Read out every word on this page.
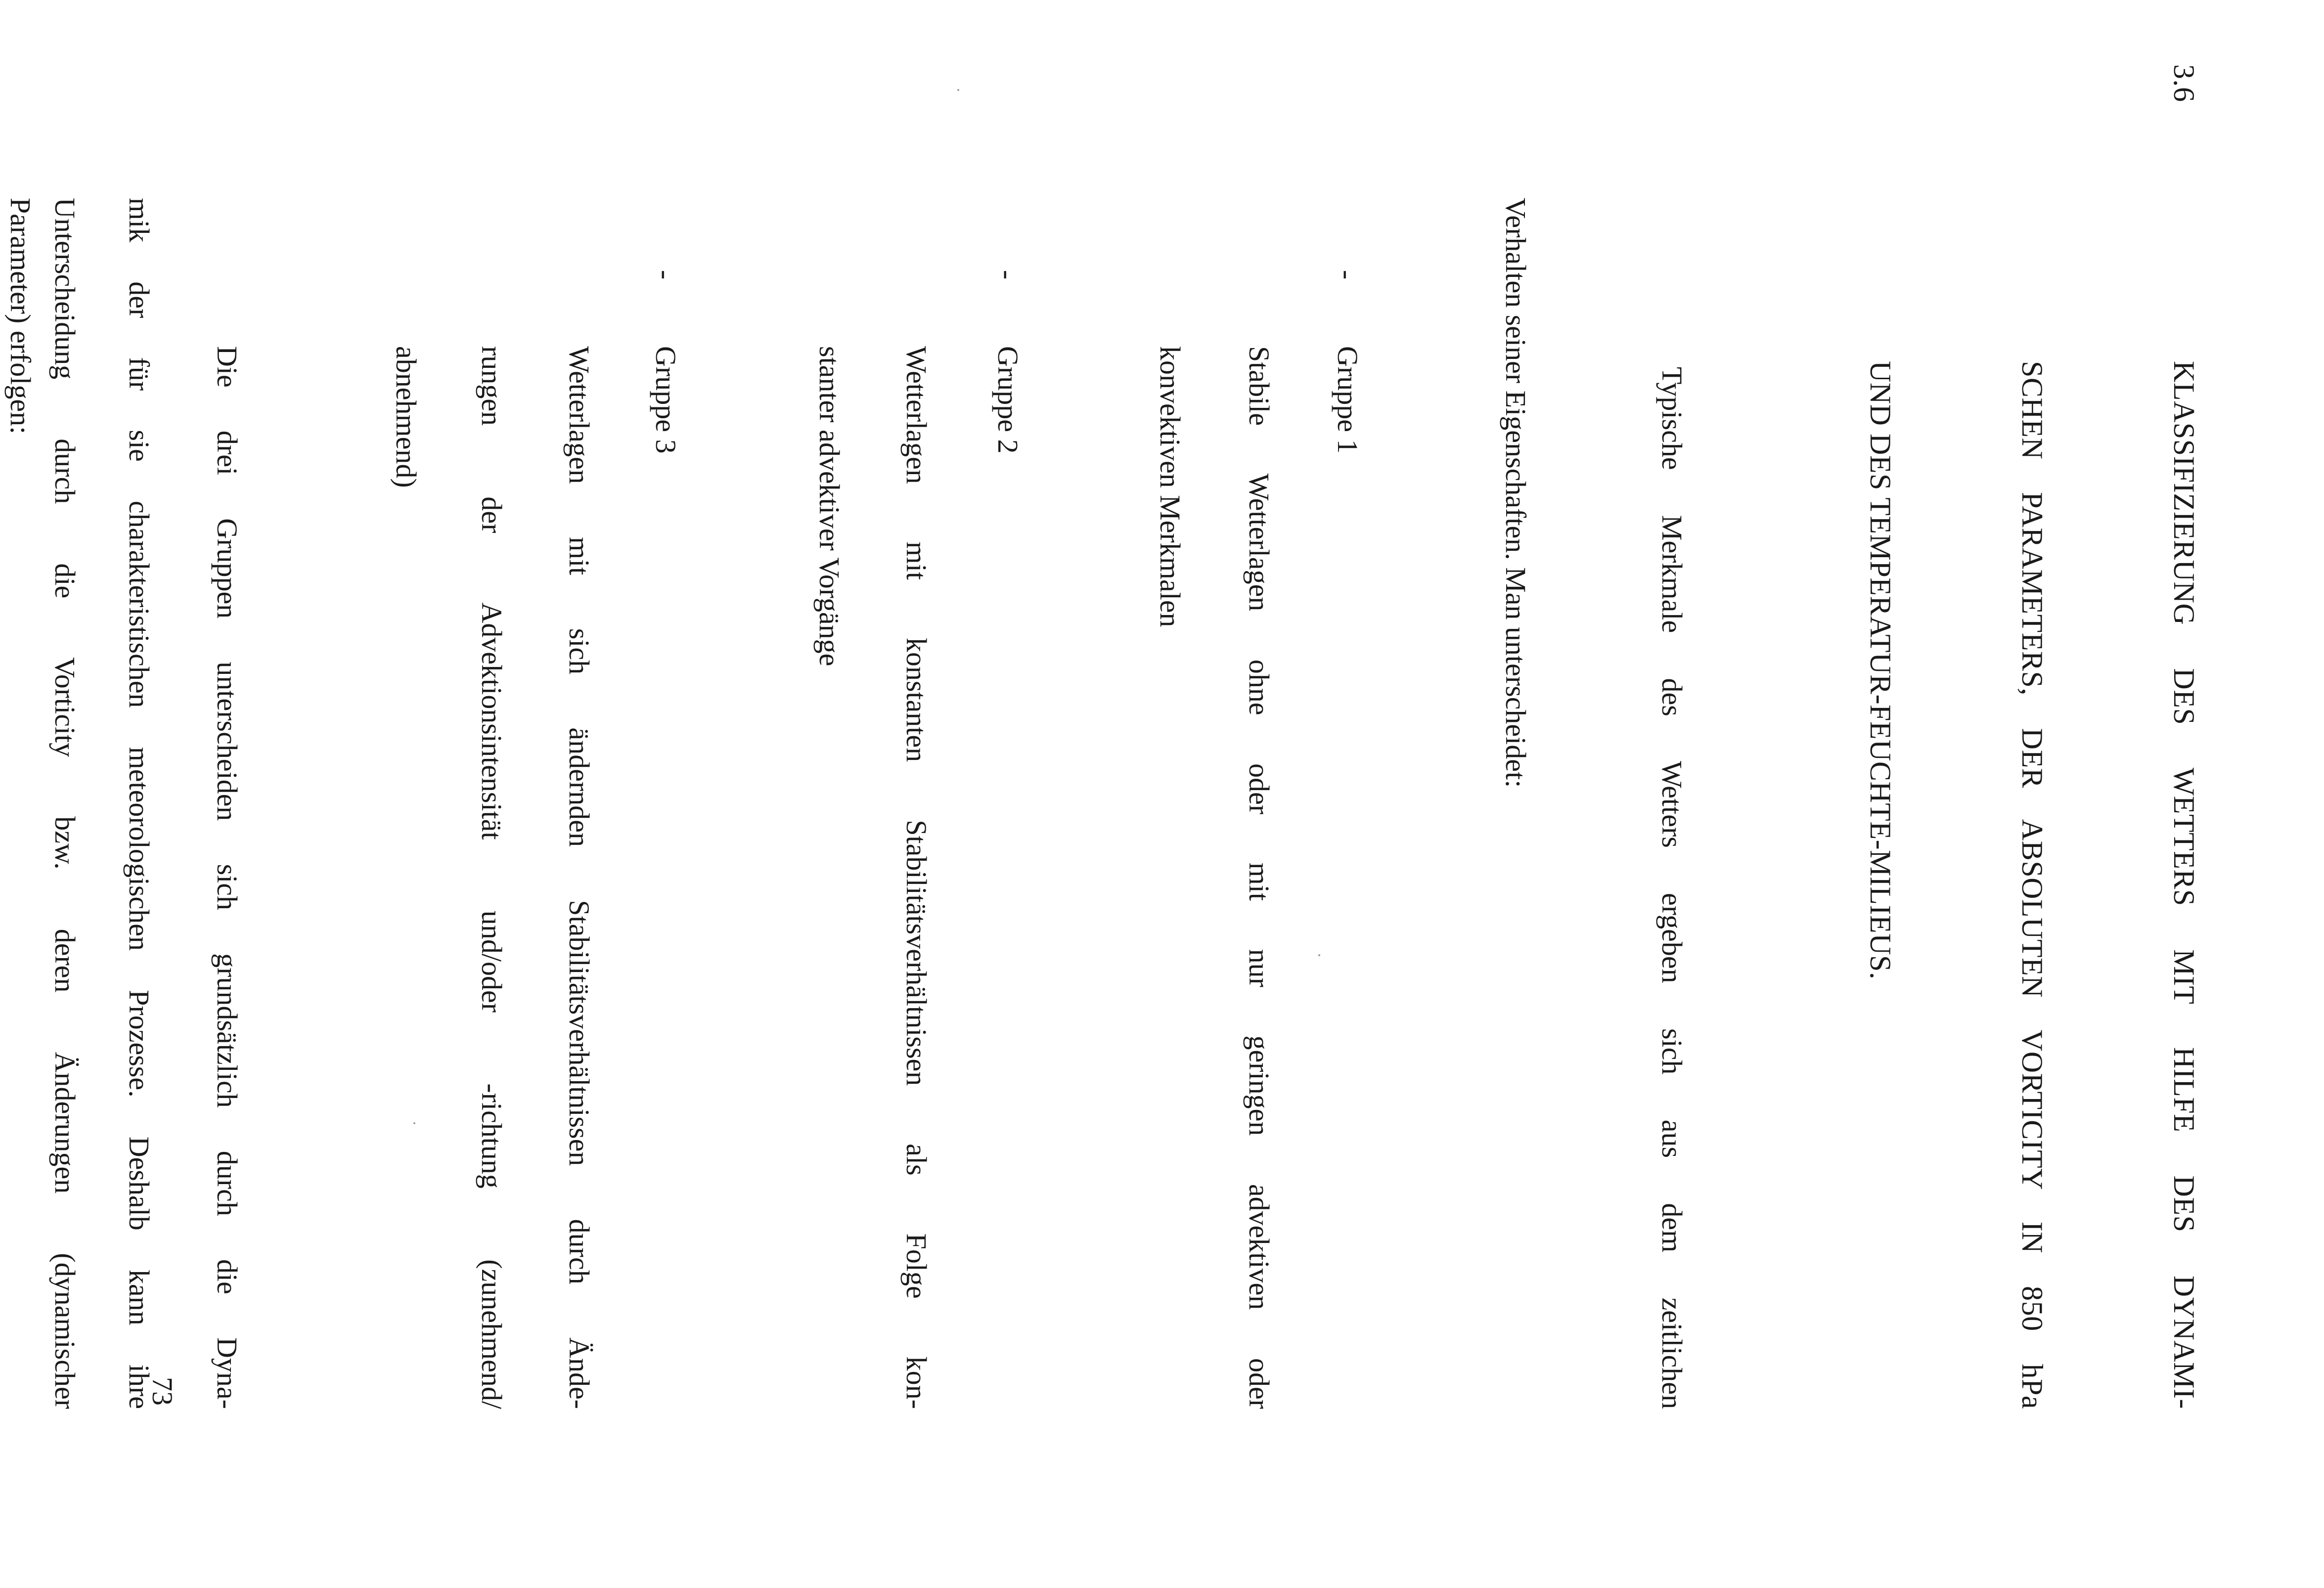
3.6
KLASSIFIZIERUNG DES WETTERS MIT HILFE DES DYNAMI-
SCHEN PARAMETERS, DER ABSOLUTEN VORTICITY IN 850 hPa
UND DES TEMPERATUR-FEUCHTE-MILIEUS.
Typische Merkmale des Wetters ergeben sich aus dem zeitlichen
Verhalten seiner Eigenschaften. Man unterscheidet:
-
Gruppe 1
Stabile Wetterlagen ohne oder mit nur geringen advektiven oder
konvektiven Merkmalen
-
Gruppe 2
Wetterlagen mit konstanten Stabilitätsverhältnissen als Folge kon-
stanter advektiver Vorgänge
-
Gruppe 3
Wetterlagen mit sich ändernden Stabilitätsverhältnissen durch Ände-
rungen der Advektionsintensität und/oder -richtung (zunehmend/
abnehmend)
Die drei Gruppen unterscheiden sich grundsätzlich durch die Dyna-
mik der für sie charakteristischen meteorologischen Prozesse. Deshalb kann ihre
Unterscheidung durch die Vorticity bzw. deren Änderungen (dynamischer
Parameter) erfolgen:
73
